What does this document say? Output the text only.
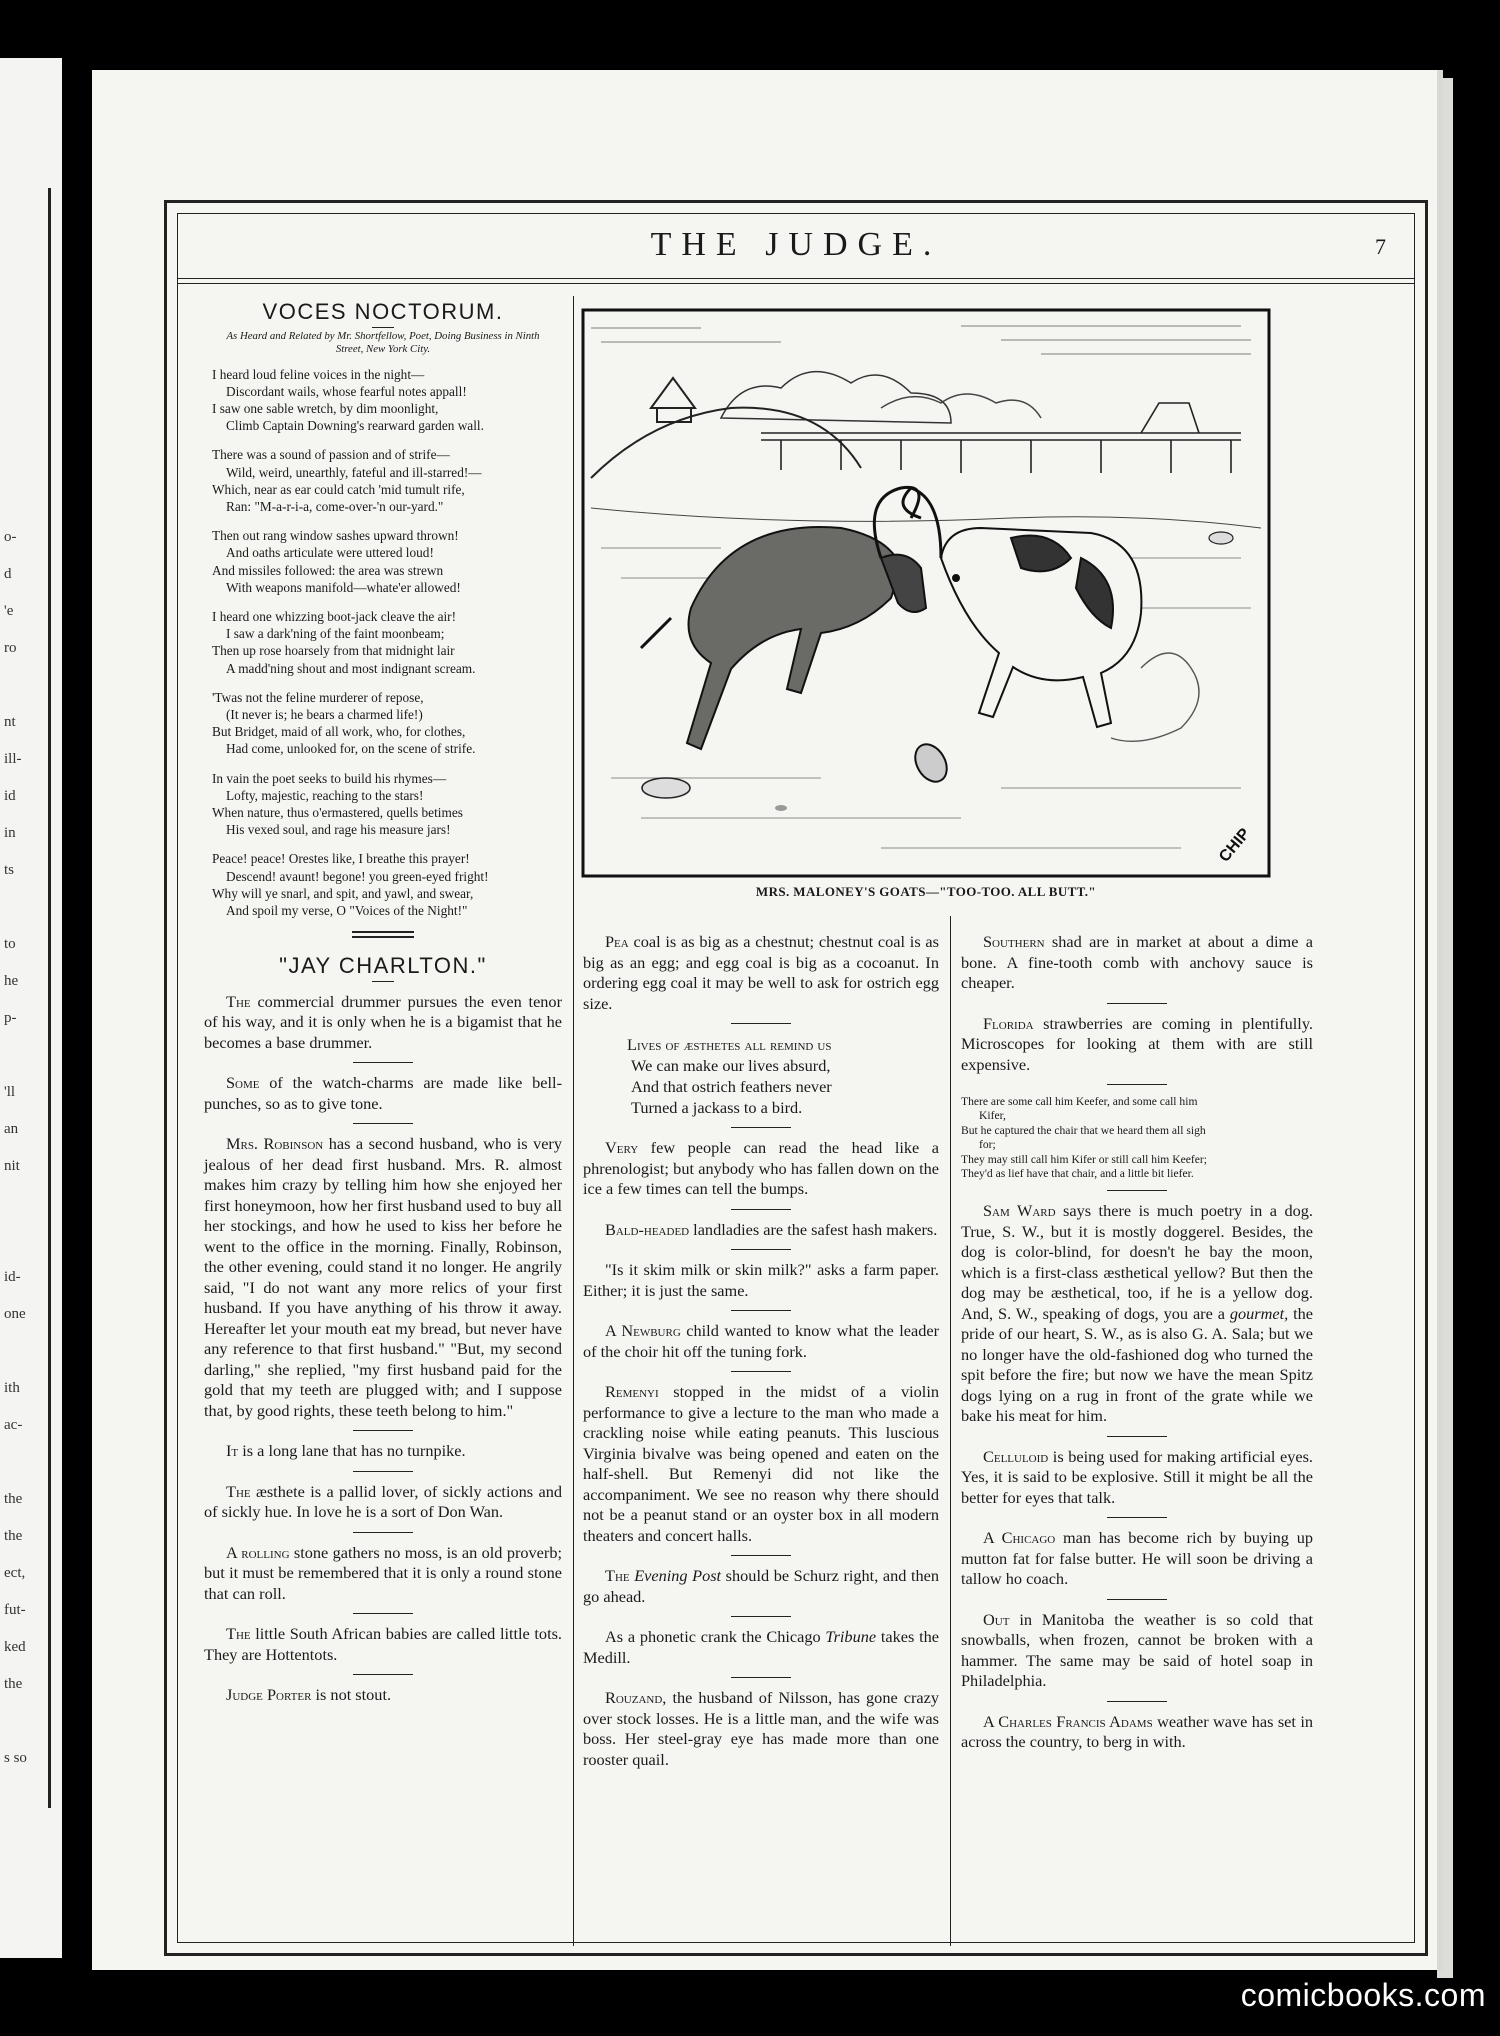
o-
d
'e
ro
nt
ill-
id
in
ts
to
he
p-
'll
an
nit
id-
one
ith
ac-
the
the
ect,
fut-
ked
the
s so
THE JUDGE.	7
VOCES NOCTORUM.
As Heard and Related by Mr. Shortfellow, Poet, Doing Business in Ninth Street, New York City.
I heard loud feline voices in the night—
Discordant wails, whose fearful notes appall!
I saw one sable wretch, by dim moonlight,
Climb Captain Downing's rearward garden wall.
There was a sound of passion and of strife—
Wild, weird, unearthly, fateful and ill-starred!—
Which, near as ear could catch 'mid tumult rife,
Ran: "M-a-r-i-a, come-over-'n our-yard."
Then out rang window sashes upward thrown!
And oaths articulate were uttered loud!
And missiles followed: the area was strewn
With weapons manifold—whate'er allowed!
I heard one whizzing boot-jack cleave the air!
I saw a dark'ning of the faint moonbeam;
Then up rose hoarsely from that midnight lair
A madd'ning shout and most indignant scream.
'Twas not the feline murderer of repose,
(It never is; he bears a charmed life!)
But Bridget, maid of all work, who, for clothes,
Had come, unlooked for, on the scene of strife.
In vain the poet seeks to build his rhymes—
Lofty, majestic, reaching to the stars!
When nature, thus o'ermastered, quells betimes
His vexed soul, and rage his measure jars!
Peace! peace! Orestes like, I breathe this prayer!
Descend! avaunt! begone! you green-eyed fright!
Why will ye snarl, and spit, and yawl, and swear,
And spoil my verse, O "Voices of the Night!"
"JAY CHARLTON."

The commercial drummer pursues the even tenor of his way, and it is only when he is a bigamist that he becomes a base drummer.

Some of the watch-charms are made like bell-punches, so as to give tone.

Mrs. Robinson has a second husband, who is very jealous of her dead first husband. Mrs. R. almost makes him crazy by telling him how she enjoyed her first honeymoon, how her first husband used to buy all her stockings, and how he used to kiss her before he went to the office in the morning. Finally, Robinson, the other evening, could stand it no longer. He angrily said, "I do not want any more relics of your first husband. If you have anything of his throw it away. Hereafter let your mouth eat my bread, but never have any reference to that first husband." "But, my second darling," she replied, "my first husband paid for the gold that my teeth are plugged with; and I suppose that, by good rights, these teeth belong to him."

It is a long lane that has no turnpike.

The æsthete is a pallid lover, of sickly actions and of sickly hue. In love he is a sort of Don Wan.

A rolling stone gathers no moss, is an old proverb; but it must be remembered that it is only a round stone that can roll.

The little South African babies are called little tots. They are Hottentots.

Judge Porter is not stout.

CHIP
MRS. MALONEY'S GOATS—"TOO-TOO. ALL BUTT."

Pea coal is as big as a chestnut; chestnut coal is as big as an egg; and egg coal is big as a cocoanut. In ordering egg coal it may be well to ask for ostrich egg size.

Lives of æsthetes all remind us
We can make our lives absurd,
And that ostrich feathers never
Turned a jackass to a bird.

Very few people can read the head like a phrenologist; but anybody who has fallen down on the ice a few times can tell the bumps.

Bald-headed landladies are the safest hash makers.

"Is it skim milk or skin milk?" asks a farm paper. Either; it is just the same.

A Newburg child wanted to know what the leader of the choir hit off the tuning fork.

Remenyi stopped in the midst of a violin performance to give a lecture to the man who made a crackling noise while eating peanuts. This luscious Virginia bivalve was being opened and eaten on the half-shell. But Remenyi did not like the accompaniment. We see no reason why there should not be a peanut stand or an oyster box in all modern theaters and concert halls.

The Evening Post should be Schurz right, and then go ahead.

As a phonetic crank the Chicago Tribune takes the Medill.

Rouzand, the husband of Nilsson, has gone crazy over stock losses. He is a little man, and the wife was boss. Her steel-gray eye has made more than one rooster quail.

Southern shad are in market at about a dime a bone. A fine-tooth comb with anchovy sauce is cheaper.

Florida strawberries are coming in plentifully. Microscopes for looking at them with are still expensive.

There are some call him Keefer, and some call him
Kifer,
But he captured the chair that we heard them all sigh
for;
They may still call him Kifer or still call him Keefer;
They'd as lief have that chair, and a little bit liefer.

Sam Ward says there is much poetry in a dog. True, S. W., but it is mostly doggerel. Besides, the dog is color-blind, for doesn't he bay the moon, which is a first-class æsthetical yellow? But then the dog may be æsthetical, too, if he is a yellow dog. And, S. W., speaking of dogs, you are a gourmet, the pride of our heart, S. W., as is also G. A. Sala; but we no longer have the old-fashioned dog who turned the spit before the fire; but now we have the mean Spitz dogs lying on a rug in front of the grate while we bake his meat for him.

Celluloid is being used for making artificial eyes. Yes, it is said to be explosive. Still it might be all the better for eyes that talk.

A Chicago man has become rich by buying up mutton fat for false butter. He will soon be driving a tallow ho coach.

Out in Manitoba the weather is so cold that snowballs, when frozen, cannot be broken with a hammer. The same may be said of hotel soap in Philadelphia.

A Charles Francis Adams weather wave has set in across the country, to berg in with.

comicbooks.com
